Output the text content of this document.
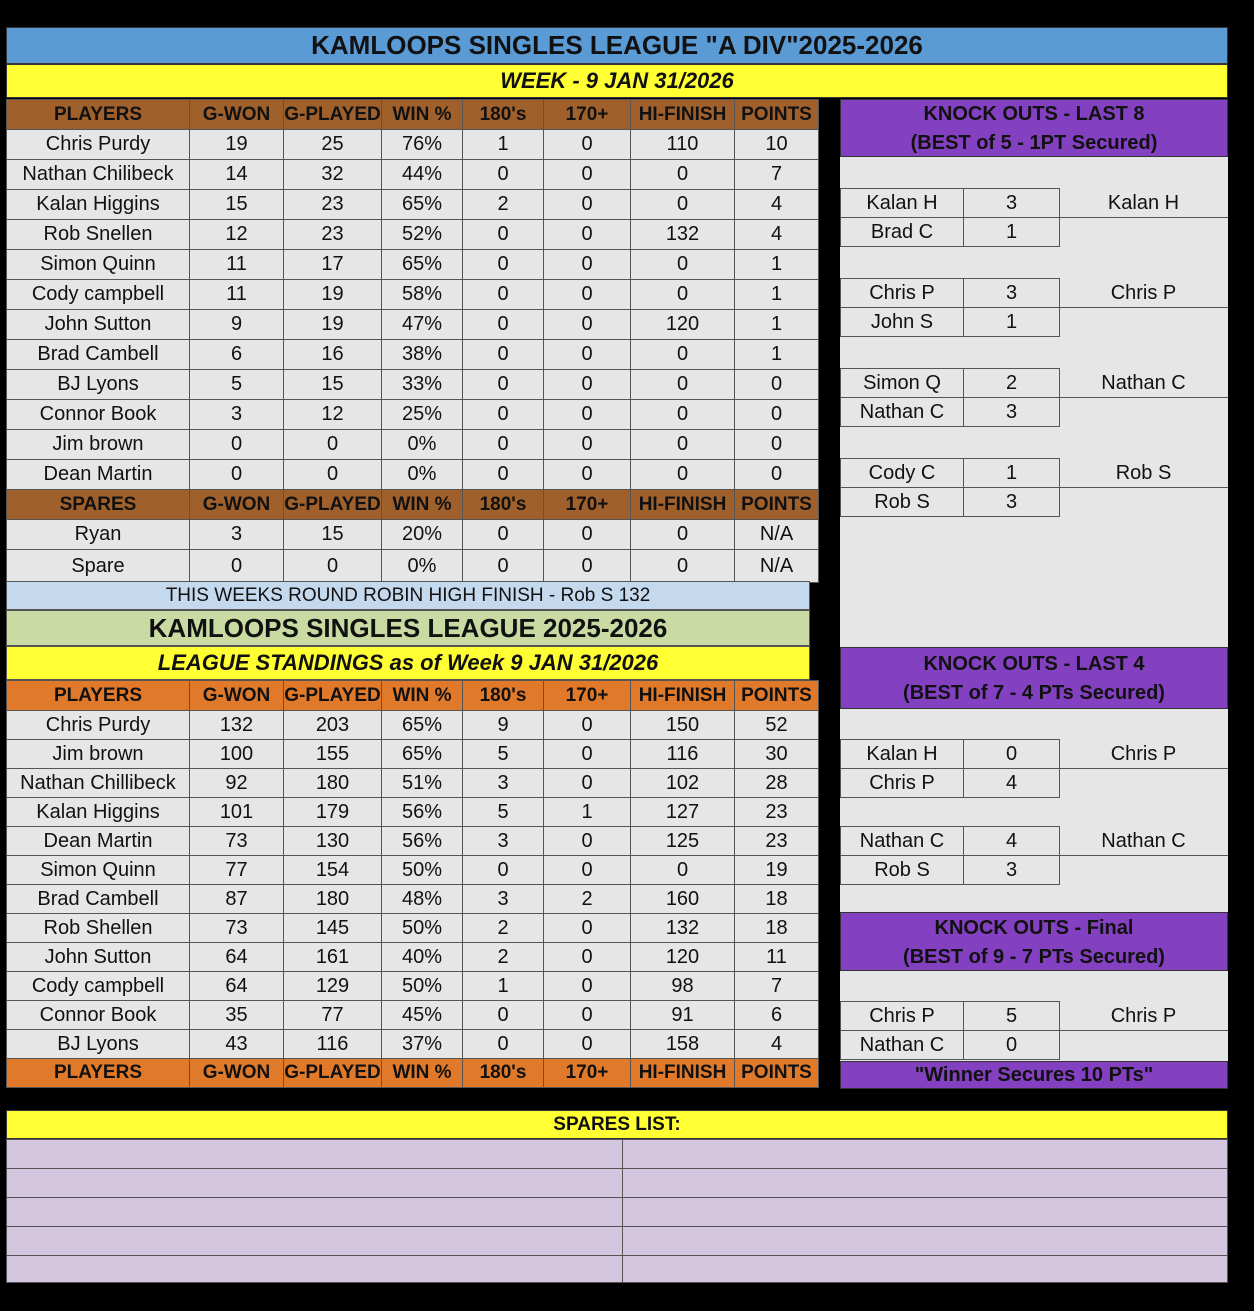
KAMLOOPS SINGLES LEAGUE "A DIV"2025-2026
WEEK - 9 JAN 31/2026
PLAYERS	G-WON	G-PLAYED	WIN %	180's	170+	HI-FINISH	POINTS
Chris Purdy	19	25	76%	1	0	110	10
Nathan Chilibeck	14	32	44%	0	0	0	7
Kalan Higgins	15	23	65%	2	0	0	4
Rob Snellen	12	23	52%	0	0	132	4
Simon Quinn	11	17	65%	0	0	0	1
Cody campbell	11	19	58%	0	0	0	1
John Sutton	9	19	47%	0	0	120	1
Brad Cambell	6	16	38%	0	0	0	1
BJ Lyons	5	15	33%	0	0	0	0
Connor Book	3	12	25%	0	0	0	0
Jim brown	0	0	0%	0	0	0	0
Dean Martin	0	0	0%	0	0	0	0
SPARES	G-WON	G-PLAYED	WIN %	180's	170+	HI-FINISH	POINTS
Ryan	3	15	20%	0	0	0	N/A
Spare	0	0	0%	0	0	0	N/A
THIS WEEKS ROUND ROBIN HIGH FINISH - Rob S 132
KAMLOOPS SINGLES LEAGUE 2025-2026
LEAGUE STANDINGS as of Week 9 JAN 31/2026
PLAYERS	G-WON	G-PLAYED	WIN %	180's	170+	HI-FINISH	POINTS
Chris Purdy	132	203	65%	9	0	150	52
Jim brown	100	155	65%	5	0	116	30
Nathan Chillibeck	92	180	51%	3	0	102	28
Kalan Higgins	101	179	56%	5	1	127	23
Dean Martin	73	130	56%	3	0	125	23
Simon Quinn	77	154	50%	0	0	0	19
Brad Cambell	87	180	48%	3	2	160	18
Rob Shellen	73	145	50%	2	0	132	18
John Sutton	64	161	40%	2	0	120	11
Cody campbell	64	129	50%	1	0	98	7
Connor Book	35	77	45%	0	0	91	6
BJ Lyons	43	116	37%	0	0	158	4
PLAYERS	G-WON	G-PLAYED	WIN %	180's	170+	HI-FINISH	POINTS
KNOCK OUTS - LAST 8
(BEST of 5 - 1PT Secured)
KNOCK OUTS - LAST 4
(BEST of 7 - 4 PTs Secured)
KNOCK OUTS - Final
(BEST of 9 - 7 PTs Secured)
"Winner Secures 10 PTs"
Kalan H	3
Brad C	1
Kalan H
Chris P	3
John S	1
Chris P
Simon Q	2
Nathan C	3
Nathan C
Cody C	1
Rob S	3
Rob S
Kalan H	0
Chris P	4
Chris P
Nathan C	4
Rob S	3
Nathan C
Chris P	5
Nathan C	0
Chris P
SPARES LIST:
